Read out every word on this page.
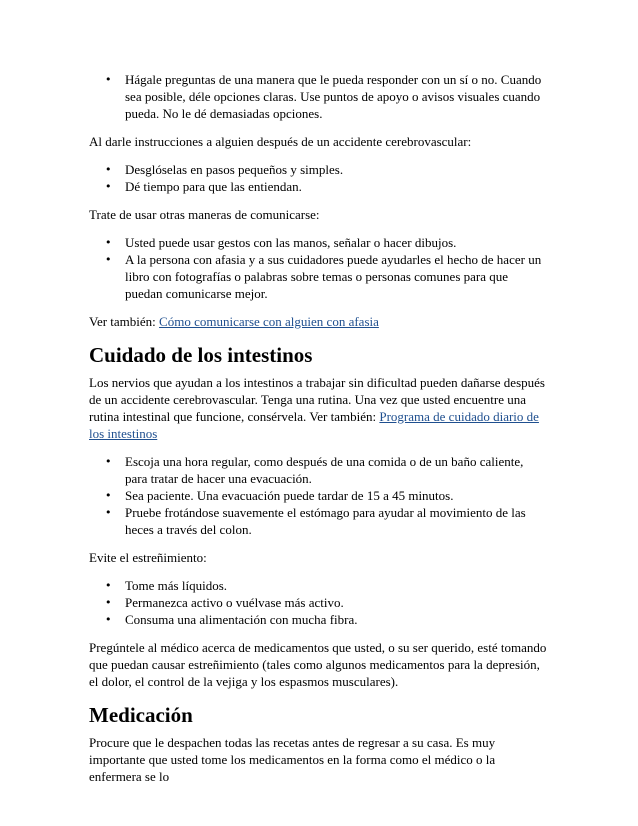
• Hágale preguntas de una manera que le pueda responder con un sí o no. Cuando sea posible, déle opciones claras. Use puntos de apoyo o avisos visuales cuando pueda. No le dé demasiadas opciones.

Al darle instrucciones a alguien después de un accidente cerebrovascular:

• Desglóselas en pasos pequeños y simples.
• Dé tiempo para que las entiendan.

Trate de usar otras maneras de comunicarse:

• Usted puede usar gestos con las manos, señalar o hacer dibujos.
• A la persona con afasia y a sus cuidadores puede ayudarles el hecho de hacer un libro con fotografías o palabras sobre temas o personas comunes para que puedan comunicarse mejor.

Ver también: Cómo comunicarse con alguien con afasia

Cuidado de los intestinos

Los nervios que ayudan a los intestinos a trabajar sin dificultad pueden dañarse después de un accidente cerebrovascular. Tenga una rutina. Una vez que usted encuentre una rutina intestinal que funcione, consérvela. Ver también: Programa de cuidado diario de los intestinos

• Escoja una hora regular, como después de una comida o de un baño caliente, para tratar de hacer una evacuación.
• Sea paciente. Una evacuación puede tardar de 15 a 45 minutos.
• Pruebe frotándose suavemente el estómago para ayudar al movimiento de las heces a través del colon.

Evite el estreñimiento:

• Tome más líquidos.
• Permanezca activo o vuélvase más activo.
• Consuma una alimentación con mucha fibra.

Pregúntele al médico acerca de medicamentos que usted, o su ser querido, esté tomando que puedan causar estreñimiento (tales como algunos medicamentos para la depresión, el dolor, el control de la vejiga y los espasmos musculares).

Medicación

Procure que le despachen todas las recetas antes de regresar a su casa. Es muy importante que usted tome los medicamentos en la forma como el médico o la enfermera se lo
